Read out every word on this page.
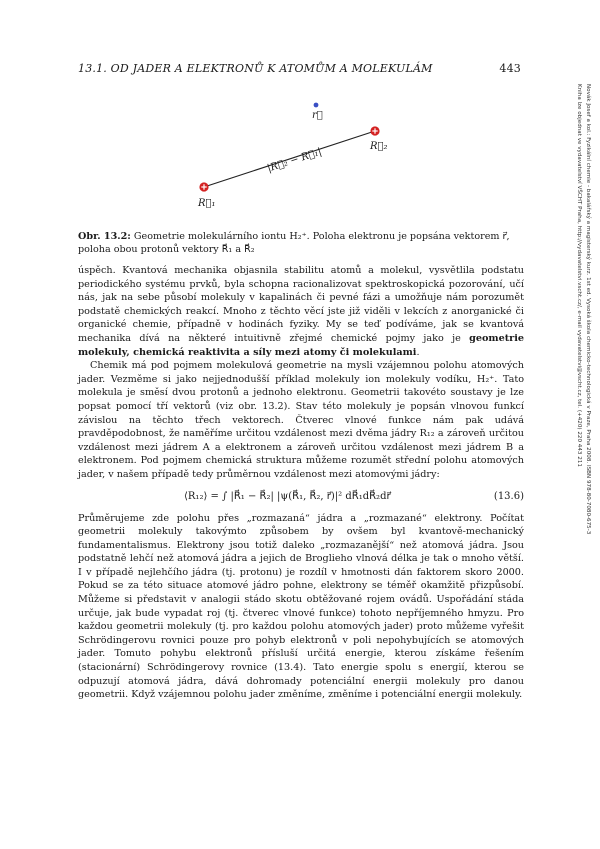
13.1. OD JADER A ELEKTRONŮ K ATOMŮM A MOLEKULÁM	443
Novák Josef a kol.: Fyzikální chemie - bakalářský a magisterský kurz. 1st ed. Vysoká škola chemicko-technologická v Praze, Praha 2008. ISBN 978-80-7080-675-3
Kniha lze objednat ve vydavatelství VŠCHT Praha, http://vydavatelstvi.vscht.cz/, e-mail vydavatelstvi@vscht.cz, tel. (+420) 220 443 211
r⃗
R⃗₂
R⃗₁
|R⃗₂ − R⃗₁|
Obr. 13.2: Geometrie molekulárního iontu H₂⁺. Poloha elektronu je popsána vektorem r⃗, poloha obou protonů vektory R⃗₁ a R⃗₂

úspěch. Kvantová mechanika objasnila stabilitu atomů a molekul, vysvětlila podstatu periodického systému prvků, byla schopna racionalizovat spektroskopická pozorování, učí nás, jak na sebe působí molekuly v kapalinách či pevné fázi a umožňuje nám porozumět podstatě chemických reakcí. Mnoho z těchto věcí jste již viděli v lekcích z anorganické či organické chemie, případně v hodinách fyziky. My se teď podíváme, jak se kvantová mechanika dívá na některé intuitivně zřejmé chemické pojmy jako je geometrie molekuly, chemická reaktivita a síly mezi atomy či molekulami.

Chemik má pod pojmem molekulová geometrie na mysli vzájemnou polohu atomových jader. Vezměme si jako nejjednodušší příklad molekuly ion molekuly vodíku, H₂⁺. Tato molekula je směsí dvou protonů a jednoho elektronu. Geometrii takovéto soustavy je lze popsat pomocí tří vektorů (viz obr. 13.2). Stav této molekuly je popsán vlnovou funkcí závislou na těchto třech vektorech. Čtverec vlnové funkce nám pak udává pravděpodobnost, že naměříme určitou vzdálenost mezi dvěma jádry R₁₂ a zároveň určitou vzdálenost mezi jádrem A a elektronem a zároveň určitou vzdálenost mezi jádrem B a elektronem. Pod pojmem chemická struktura můžeme rozumět střední polohu atomových jader, v našem případě tedy průměrnou vzdálenost mezi atomovými jádry:

⟨R₁₂⟩ = ∫ |R⃗₁ − R⃗₂| |ψ(R⃗₁, R⃗₂, r⃗)|² dR⃗₁dR⃗₂dr⃗	(13.6)

Průměrujeme zde polohu přes „rozmazaná“ jádra a „rozmazané“ elektrony. Počítat geometrii molekuly takovýmto způsobem by ovšem byl kvantově-mechanický fundamentalismus. Elektrony jsou totiž daleko „rozmazanější“ než atomová jádra. Jsou podstatně lehčí než atomová jádra a jejich de Broglieho vlnová délka je tak o mnoho větší. I v případě nejlehčího jádra (tj. protonu) je rozdíl v hmotnosti dán faktorem skoro 2000. Pokud se za této situace atomové jádro pohne, elektrony se téměř okamžitě přizpůsobí. Můžeme si představit v analogii stádo skotu obtěžované rojem ovádů. Uspořádání stáda určuje, jak bude vypadat roj (tj. čtverec vlnové funkce) tohoto nepříjemného hmyzu. Pro každou geometrii molekuly (tj. pro každou polohu atomových jader) proto můžeme vyřešit Schrödingerovu rovnici pouze pro pohyb elektronů v poli nepohybujících se atomových jader. Tomuto pohybu elektronů přísluší určitá energie, kterou získáme řešením (stacionární) Schrödingerovy rovnice (13.4). Tato energie spolu s energií, kterou se odpuzují atomová jádra, dává dohromady potenciální energii molekuly pro danou geometrii. Když vzájemnou polohu jader změníme, změníme i potenciální energii molekuly.
